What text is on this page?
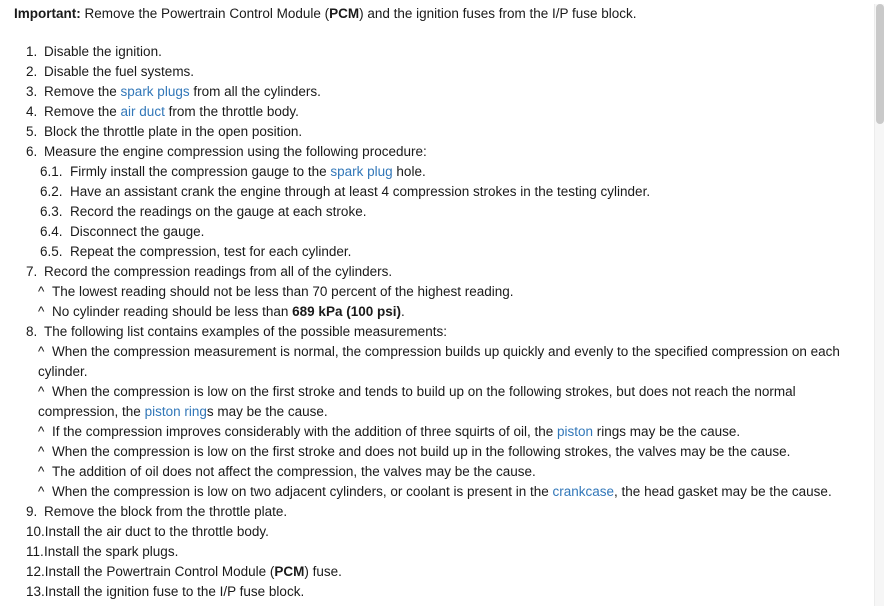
Important: Remove the Powertrain Control Module (PCM) and the ignition fuses from the I/P fuse block.

1. Disable the ignition.

2. Disable the fuel systems.

3. Remove the spark plugs from all the cylinders.

4. Remove the air duct from the throttle body.

5. Block the throttle plate in the open position.

6. Measure the engine compression using the following procedure:

6.1. Firmly install the compression gauge to the spark plug hole.

6.2. Have an assistant crank the engine through at least 4 compression strokes in the testing cylinder.

6.3. Record the readings on the gauge at each stroke.

6.4. Disconnect the gauge.

6.5. Repeat the compression, test for each cylinder.

7. Record the compression readings from all of the cylinders.

^ The lowest reading should not be less than 70 percent of the highest reading.

^ No cylinder reading should be less than 689 kPa (100 psi).

8. The following list contains examples of the possible measurements:

^ When the compression measurement is normal, the compression builds up quickly and evenly to the specified compression on each cylinder.

^ When the compression is low on the first stroke and tends to build up on the following strokes, but does not reach the normal compression, the piston rings may be the cause.

^ If the compression improves considerably with the addition of three squirts of oil, the piston rings may be the cause.

^ When the compression is low on the first stroke and does not build up in the following strokes, the valves may be the cause.

^ The addition of oil does not affect the compression, the valves may be the cause.

^ When the compression is low on two adjacent cylinders, or coolant is present in the crankcase, the head gasket may be the cause.

9. Remove the block from the throttle plate.

10.Install the air duct to the throttle body.

11.Install the spark plugs.

12.Install the Powertrain Control Module (PCM) fuse.

13.Install the ignition fuse to the I/P fuse block.
